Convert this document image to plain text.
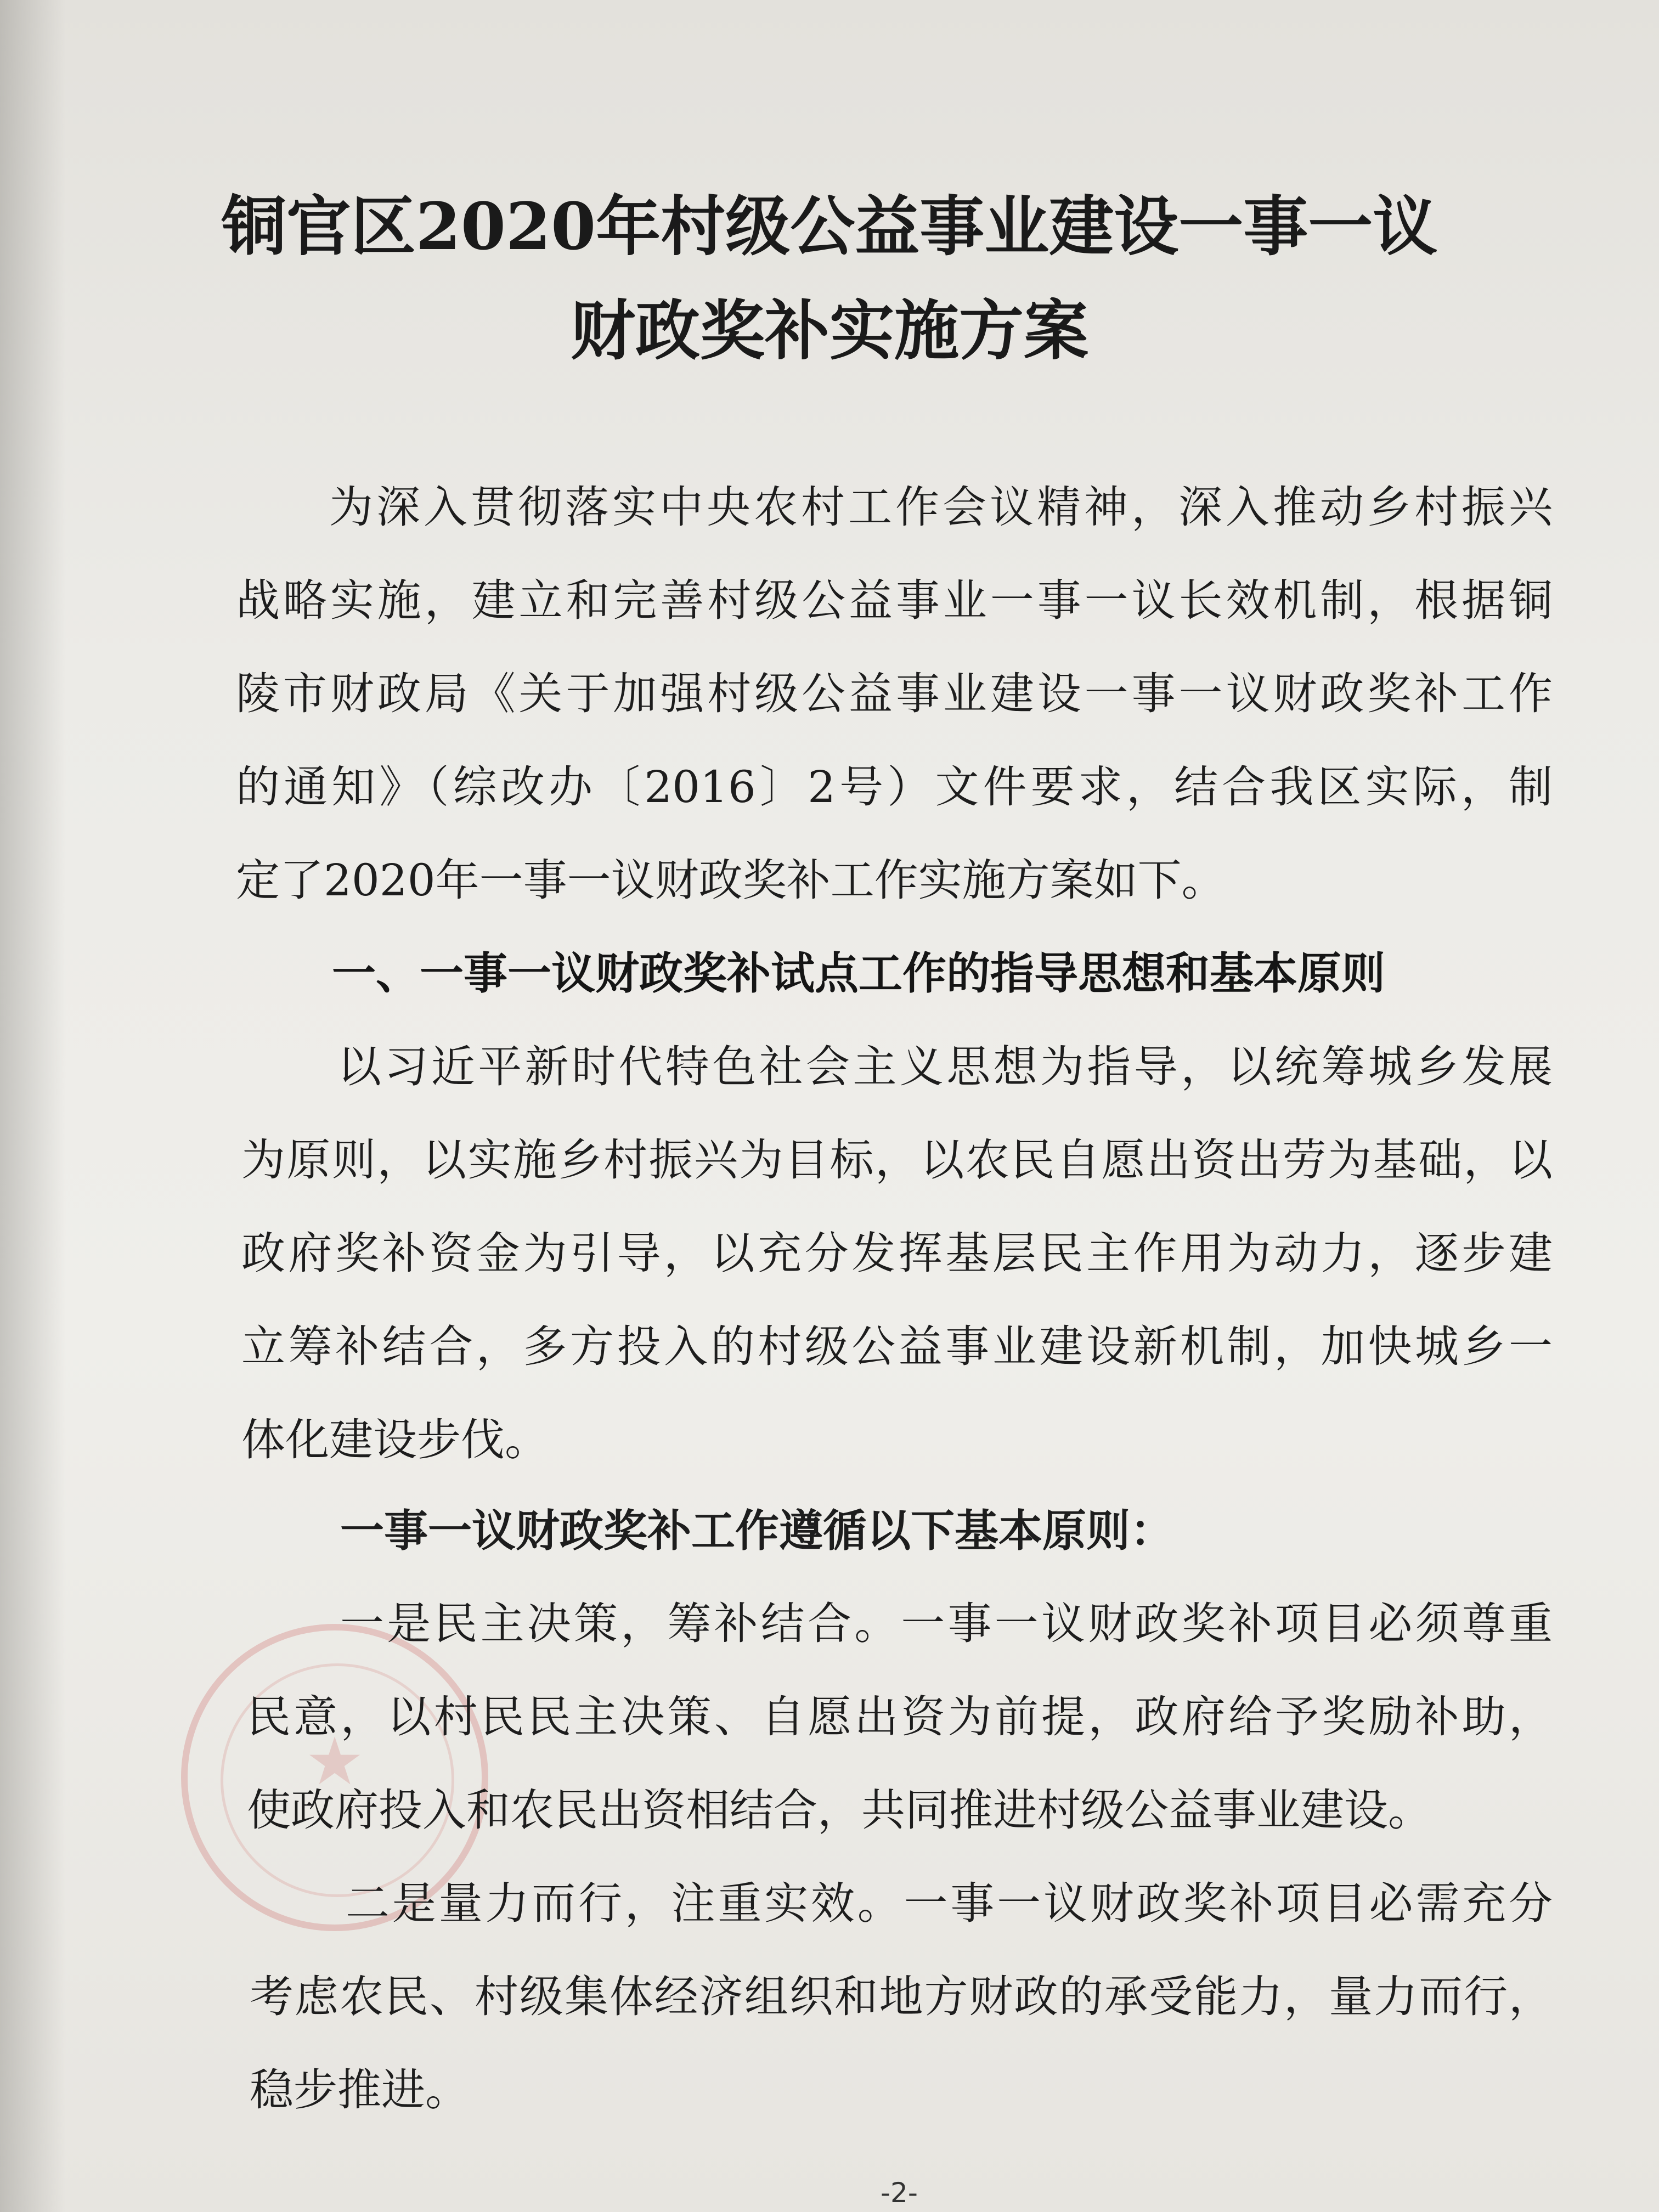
铜官区2020年村级公益事业建设一事一议
财政奖补实施方案
★
为深入贯彻落实中央农村工作会议精神，深入推动乡村振兴
战略实施，建立和完善村级公益事业一事一议长效机制，根据铜
陵市财政局《关于加强村级公益事业建设一事一议财政奖补工作
的通知》（综改办〔2016〕2号）文件要求，结合我区实际，制
定了2020年一事一议财政奖补工作实施方案如下。
一、一事一议财政奖补试点工作的指导思想和基本原则
以习近平新时代特色社会主义思想为指导，以统筹城乡发展
为原则，以实施乡村振兴为目标，以农民自愿出资出劳为基础，以
政府奖补资金为引导，以充分发挥基层民主作用为动力，逐步建
立筹补结合，多方投入的村级公益事业建设新机制，加快城乡一
体化建设步伐。
一事一议财政奖补工作遵循以下基本原则：
一是民主决策，筹补结合。一事一议财政奖补项目必须尊重
民意，以村民民主决策、自愿出资为前提，政府给予奖励补助，
使政府投入和农民出资相结合，共同推进村级公益事业建设。
二是量力而行，注重实效。一事一议财政奖补项目必需充分
考虑农民、村级集体经济组织和地方财政的承受能力，量力而行，
稳步推进。
-2-
